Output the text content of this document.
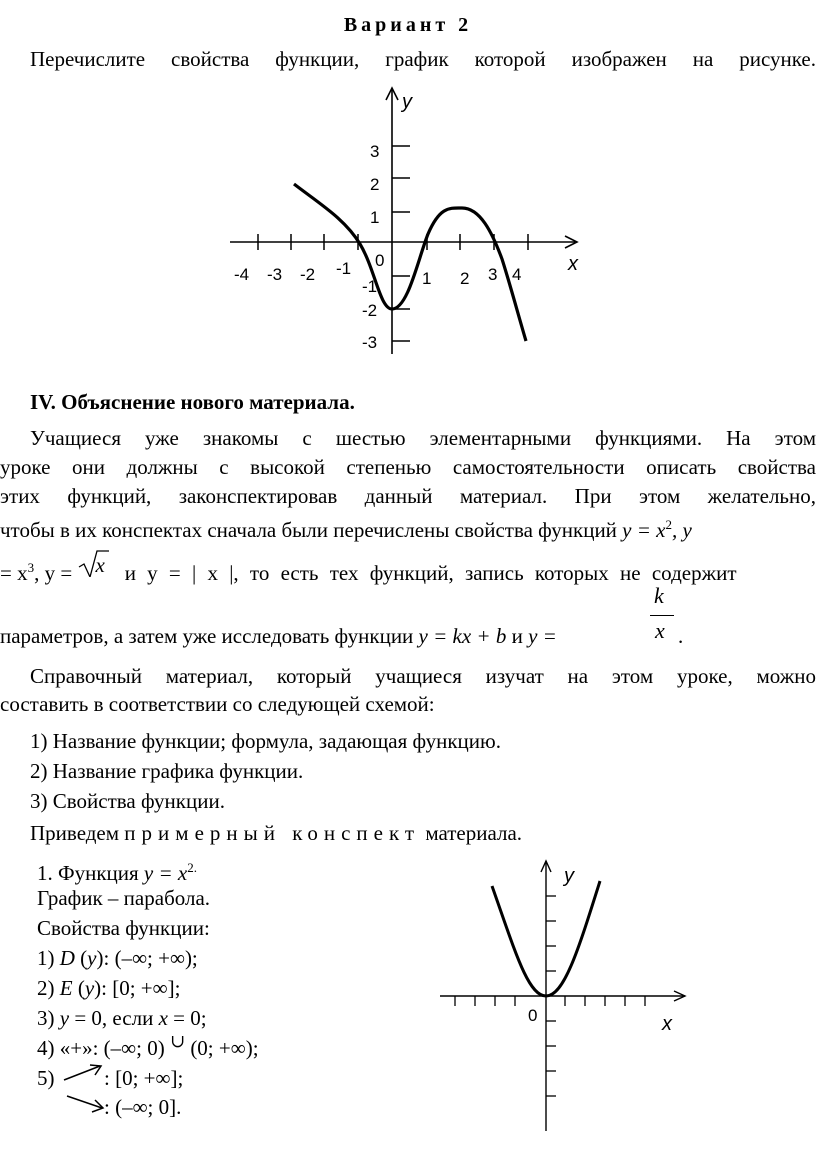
Вариант 2
Перечислите свойства функции, график которой изображен на рисунке.
y
x
-4 -3 -2 -1 0
1 2 3 4
3
2
1
-1
-2
-3
IV. Объяснение нового материала.
Учащиеся уже знакомы с шестью элементарными функциями. На этом
уроке они должны с высокой степенью самостоятельности описать свойства
этих функций, законспектировав данный материал. При этом желательно,
чтобы в их конспектах сначала были перечислены свойства функций $y = x^2$, y
= $x^3$, y = x и y = | x |, то есть тех функций, запись которых не содержит
k
x
параметров, а затем уже исследовать функции y = kx + b и y =	.
Справочный материал, который учащиеся изучат на этом уроке, можно
составить в соответствии со следующей схемой:
1) Название функции; формула, задающая функцию.
2) Название графика функции.
3) Свойства функции.
Приведем примерный конспект материала.
1. Функция $y = x^{2.}$
График – парабола.
Свойства функции:
1) D (y): (–∞; +∞);
2) E (y): [0; +∞];
3) y = 0, если x = 0;
4) «+»: (–∞; 0) ∪ (0; +∞);
5) : [0; +∞];
: (–∞; 0].
y
x
0
